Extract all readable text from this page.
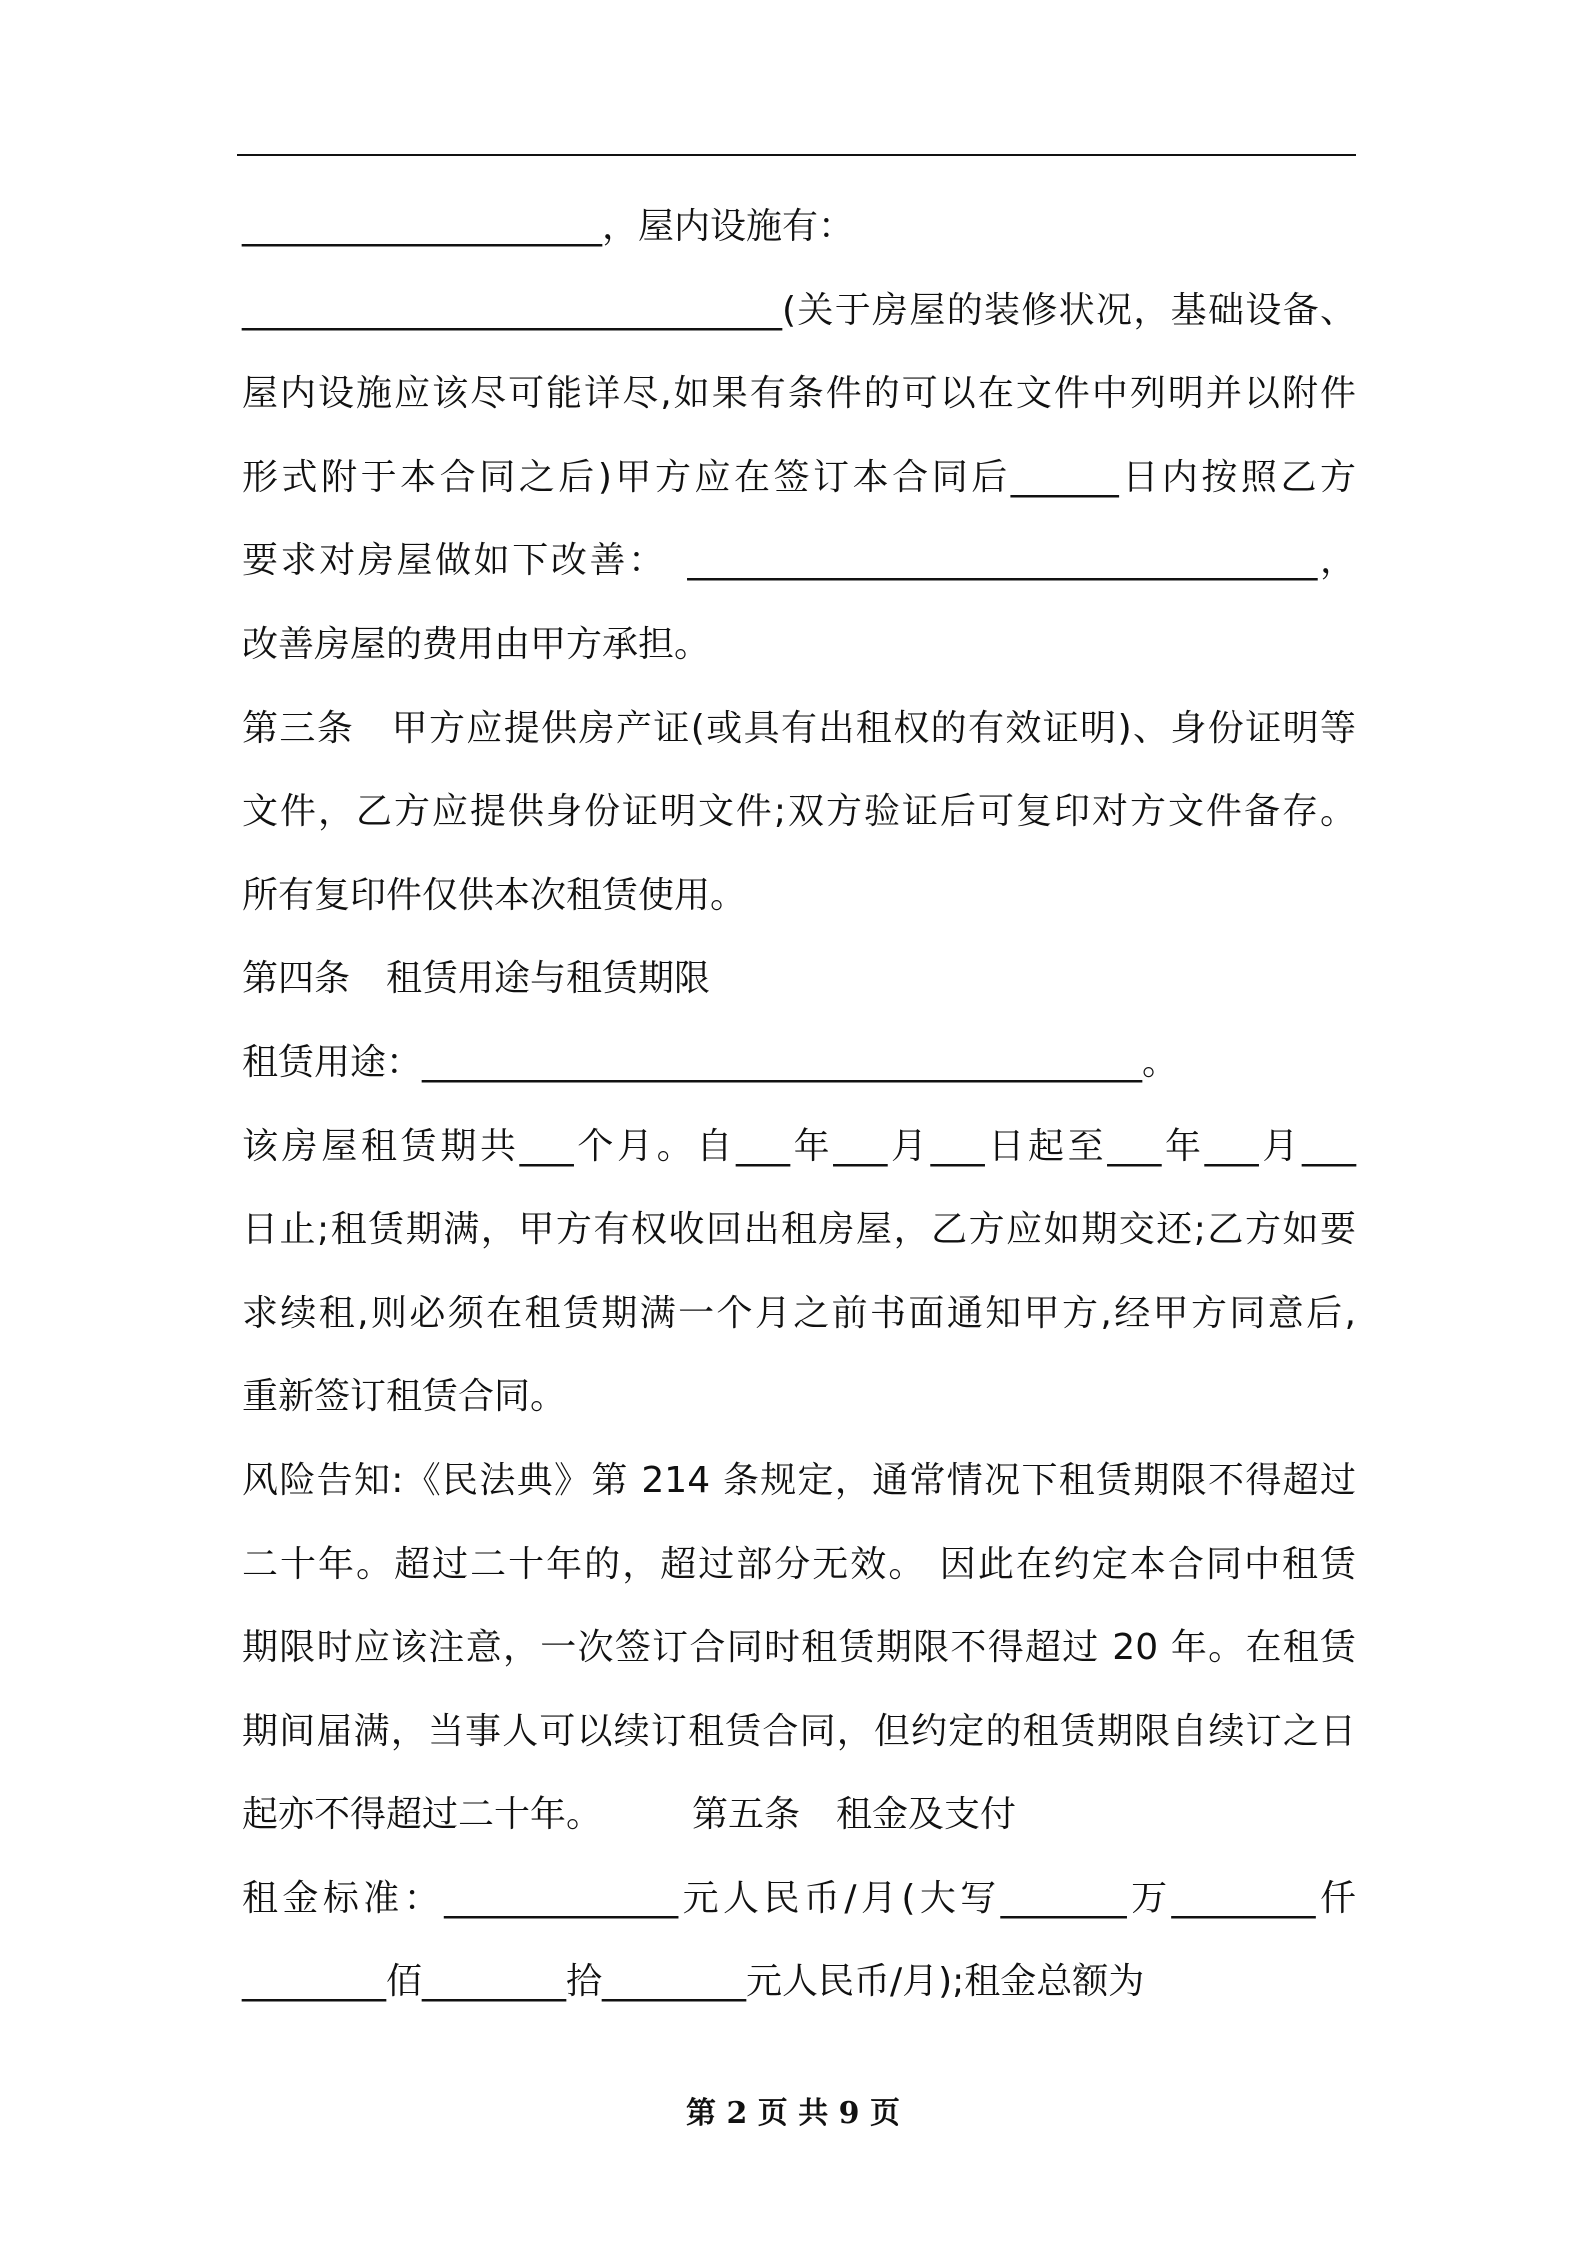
____________________，屋内设施有：
______________________________(关于房屋的装修状况，基础设备、
屋内设施应该尽可能详尽,如果有条件的可以在文件中列明并以附件
形式附于本合同之后)甲方应在签订本合同后______日内按照乙方
要求对房屋做如下改善：　___________________________________，
改善房屋的费用由甲方承担。
第三条　甲方应提供房产证(或具有出租权的有效证明)、身份证明等
文件，乙方应提供身份证明文件;双方验证后可复印对方文件备存。
所有复印件仅供本次租赁使用。
第四条　租赁用途与租赁期限
租赁用途：________________________________________。
该房屋租赁期共___个月。自___年___月___日起至___年___月___
日止;租赁期满，甲方有权收回出租房屋，乙方应如期交还;乙方如要
求续租,则必须在租赁期满一个月之前书面通知甲方,经甲方同意后,
重新签订租赁合同。
风险告知:《民法典》第 214 条规定，通常情况下租赁期限不得超过
二十年。超过二十年的，超过部分无效。 因此在约定本合同中租赁
期限时应该注意，一次签订合同时租赁期限不得超过 20 年。在租赁
期间届满，当事人可以续订租赁合同，但约定的租赁期限自续订之日
起亦不得超过二十年。	第五条　租金及支付
租金标准：_____________元人民币/月(大写_______万________仟
________佰________拾________元人民币/月);租金总额为
第 2 页 共 9 页
